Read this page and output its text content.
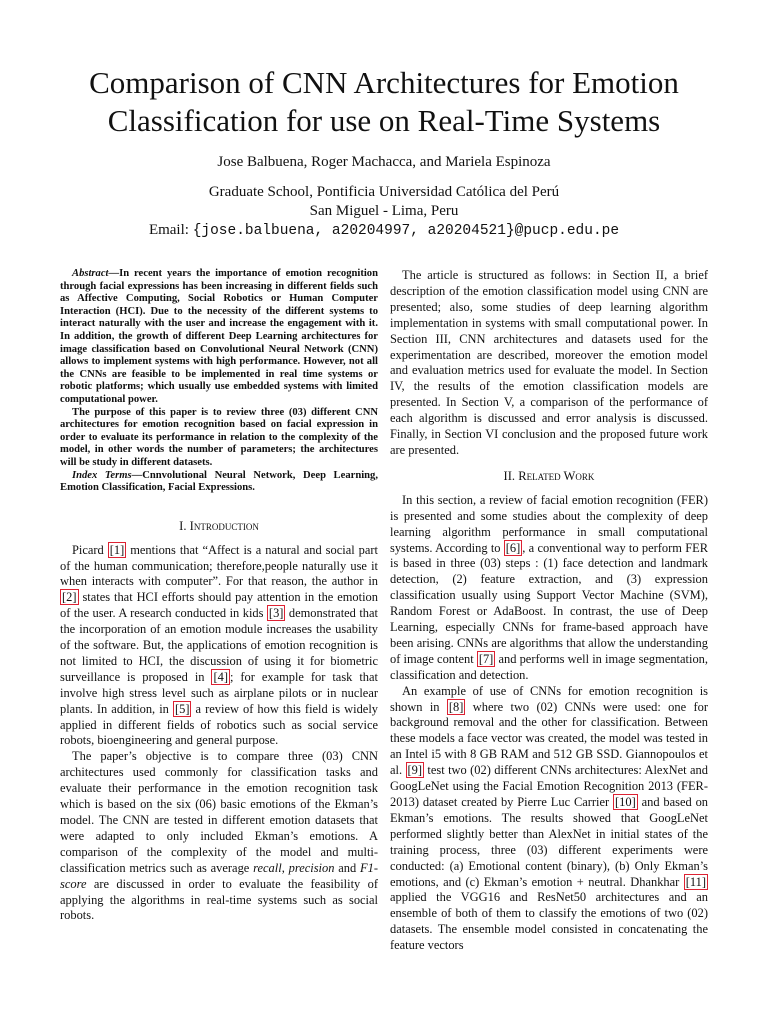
Comparison of CNN Architectures for Emotion
Classification for use on Real-Time Systems
Jose Balbuena, Roger Machacca, and Mariela Espinoza
Graduate School, Pontificia Universidad Católica del Perú
San Miguel - Lima, Peru
Email: {jose.balbuena, a20204997, a20204521}@pucp.edu.pe

Abstract—In recent years the importance of emotion recognition through facial expressions has been increasing in different fields such as Affective Computing, Social Robotics or Human Computer Interaction (HCI). Due to the necessity of the different systems to interact naturally with the user and increase the engagement with it. In addition, the growth of different Deep Learning architectures for image classification based on Convolutional Neural Network (CNN) allows to implement systems with high performance. However, not all the CNNs are feasible to be implemented in real time systems or robotic platforms; which usually use embedded systems with limited computational power.

The purpose of this paper is to review three (03) different CNN architectures for emotion recognition based on facial expression in order to evaluate its performance in relation to the complexity of the model, in other words the number of parameters; the architectures will be study in different datasets.

Index Terms—Cnnvolutional Neural Network, Deep Learning, Emotion Classification, Facial Expressions.

I. Introduction

Picard [1] mentions that “Affect is a natural and social part of the human communication; therefore,people naturally use it when interacts with computer”. For that reason, the author in [2] states that HCI efforts should pay attention in the emotion of the user. A research conducted in kids [3] demonstrated that the incorporation of an emotion module increases the usability of the software. But, the applications of emotion recognition is not limited to HCI, the discussion of using it for biometric surveillance is proposed in [4] ; for example for task that involve high stress level such as airplane pilots or in nuclear plants. In addition, in [5] a review of how this field is widely applied in different fields of robotics such as social service robots, bioengineering and general purpose.

The paper’s objective is to compare three (03) CNN architectures used commonly for classification tasks and evaluate their performance in the emotion recognition task which is based on the six (06) basic emotions of the Ekman’s model. The CNN are tested in different emotion datasets that were adapted to only included Ekman’s emotions. A comparison of the complexity of the model and multi-classification metrics such as average recall, precision and F1-score are discussed in order to evaluate the feasibility of applying the algorithms in real-time systems such as social robots.

The article is structured as follows: in Section II, a brief description of the emotion classification model using CNN are presented; also, some studies of deep learning algorithm implementation in systems with small computational power. In Section III, CNN architectures and datasets used for the experimentation are described, moreover the emotion model and evaluation metrics used for evaluate the model. In Section IV, the results of the emotion classification models are presented. In Section V, a comparison of the performance of each algorithm is discussed and error analysis is discussed. Finally, in Section VI conclusion and the proposed future work are presented.

II. Related Work

In this section, a review of facial emotion recognition (FER) is presented and some studies about the complexity of deep learning algorithm performance in small computational systems. According to [6] , a conventional way to perform FER is based in three (03) steps : (1) face detection and landmark detection, (2) feature extraction, and (3) expression classification usually using Support Vector Machine (SVM), Random Forest or AdaBoost. In contrast, the use of Deep Learning, especially CNNs for frame-based approach have been arising. CNNs are algorithms that allow the understanding of image content [7] and performs well in image segmentation, classification and detection.

An example of use of CNNs for emotion recognition is shown in [8] where two (02) CNNs were used: one for background removal and the other for classification. Between these models a face vector was created, the model was tested in an Intel i5 with 8 GB RAM and 512 GB SSD. Giannopoulos et al. [9] test two (02) different CNNs architectures: AlexNet and GoogLeNet using the Facial Emotion Recognition 2013 (FER-2013) dataset created by Pierre Luc Carrier [10] and based on Ekman’s emotions. The results showed that GoogLeNet performed slightly better than AlexNet in initial states of the training process, three (03) different experiments were conducted: (a) Emotional content (binary), (b) Only Ekman’s emotions, and (c) Ekman’s emotion + neutral. Dhankhar [11] applied the VGG16 and ResNet50 architectures and an ensemble of both of them to classify the emotions of two (02) datasets. The ensemble model consisted in concatenating the feature vectors
